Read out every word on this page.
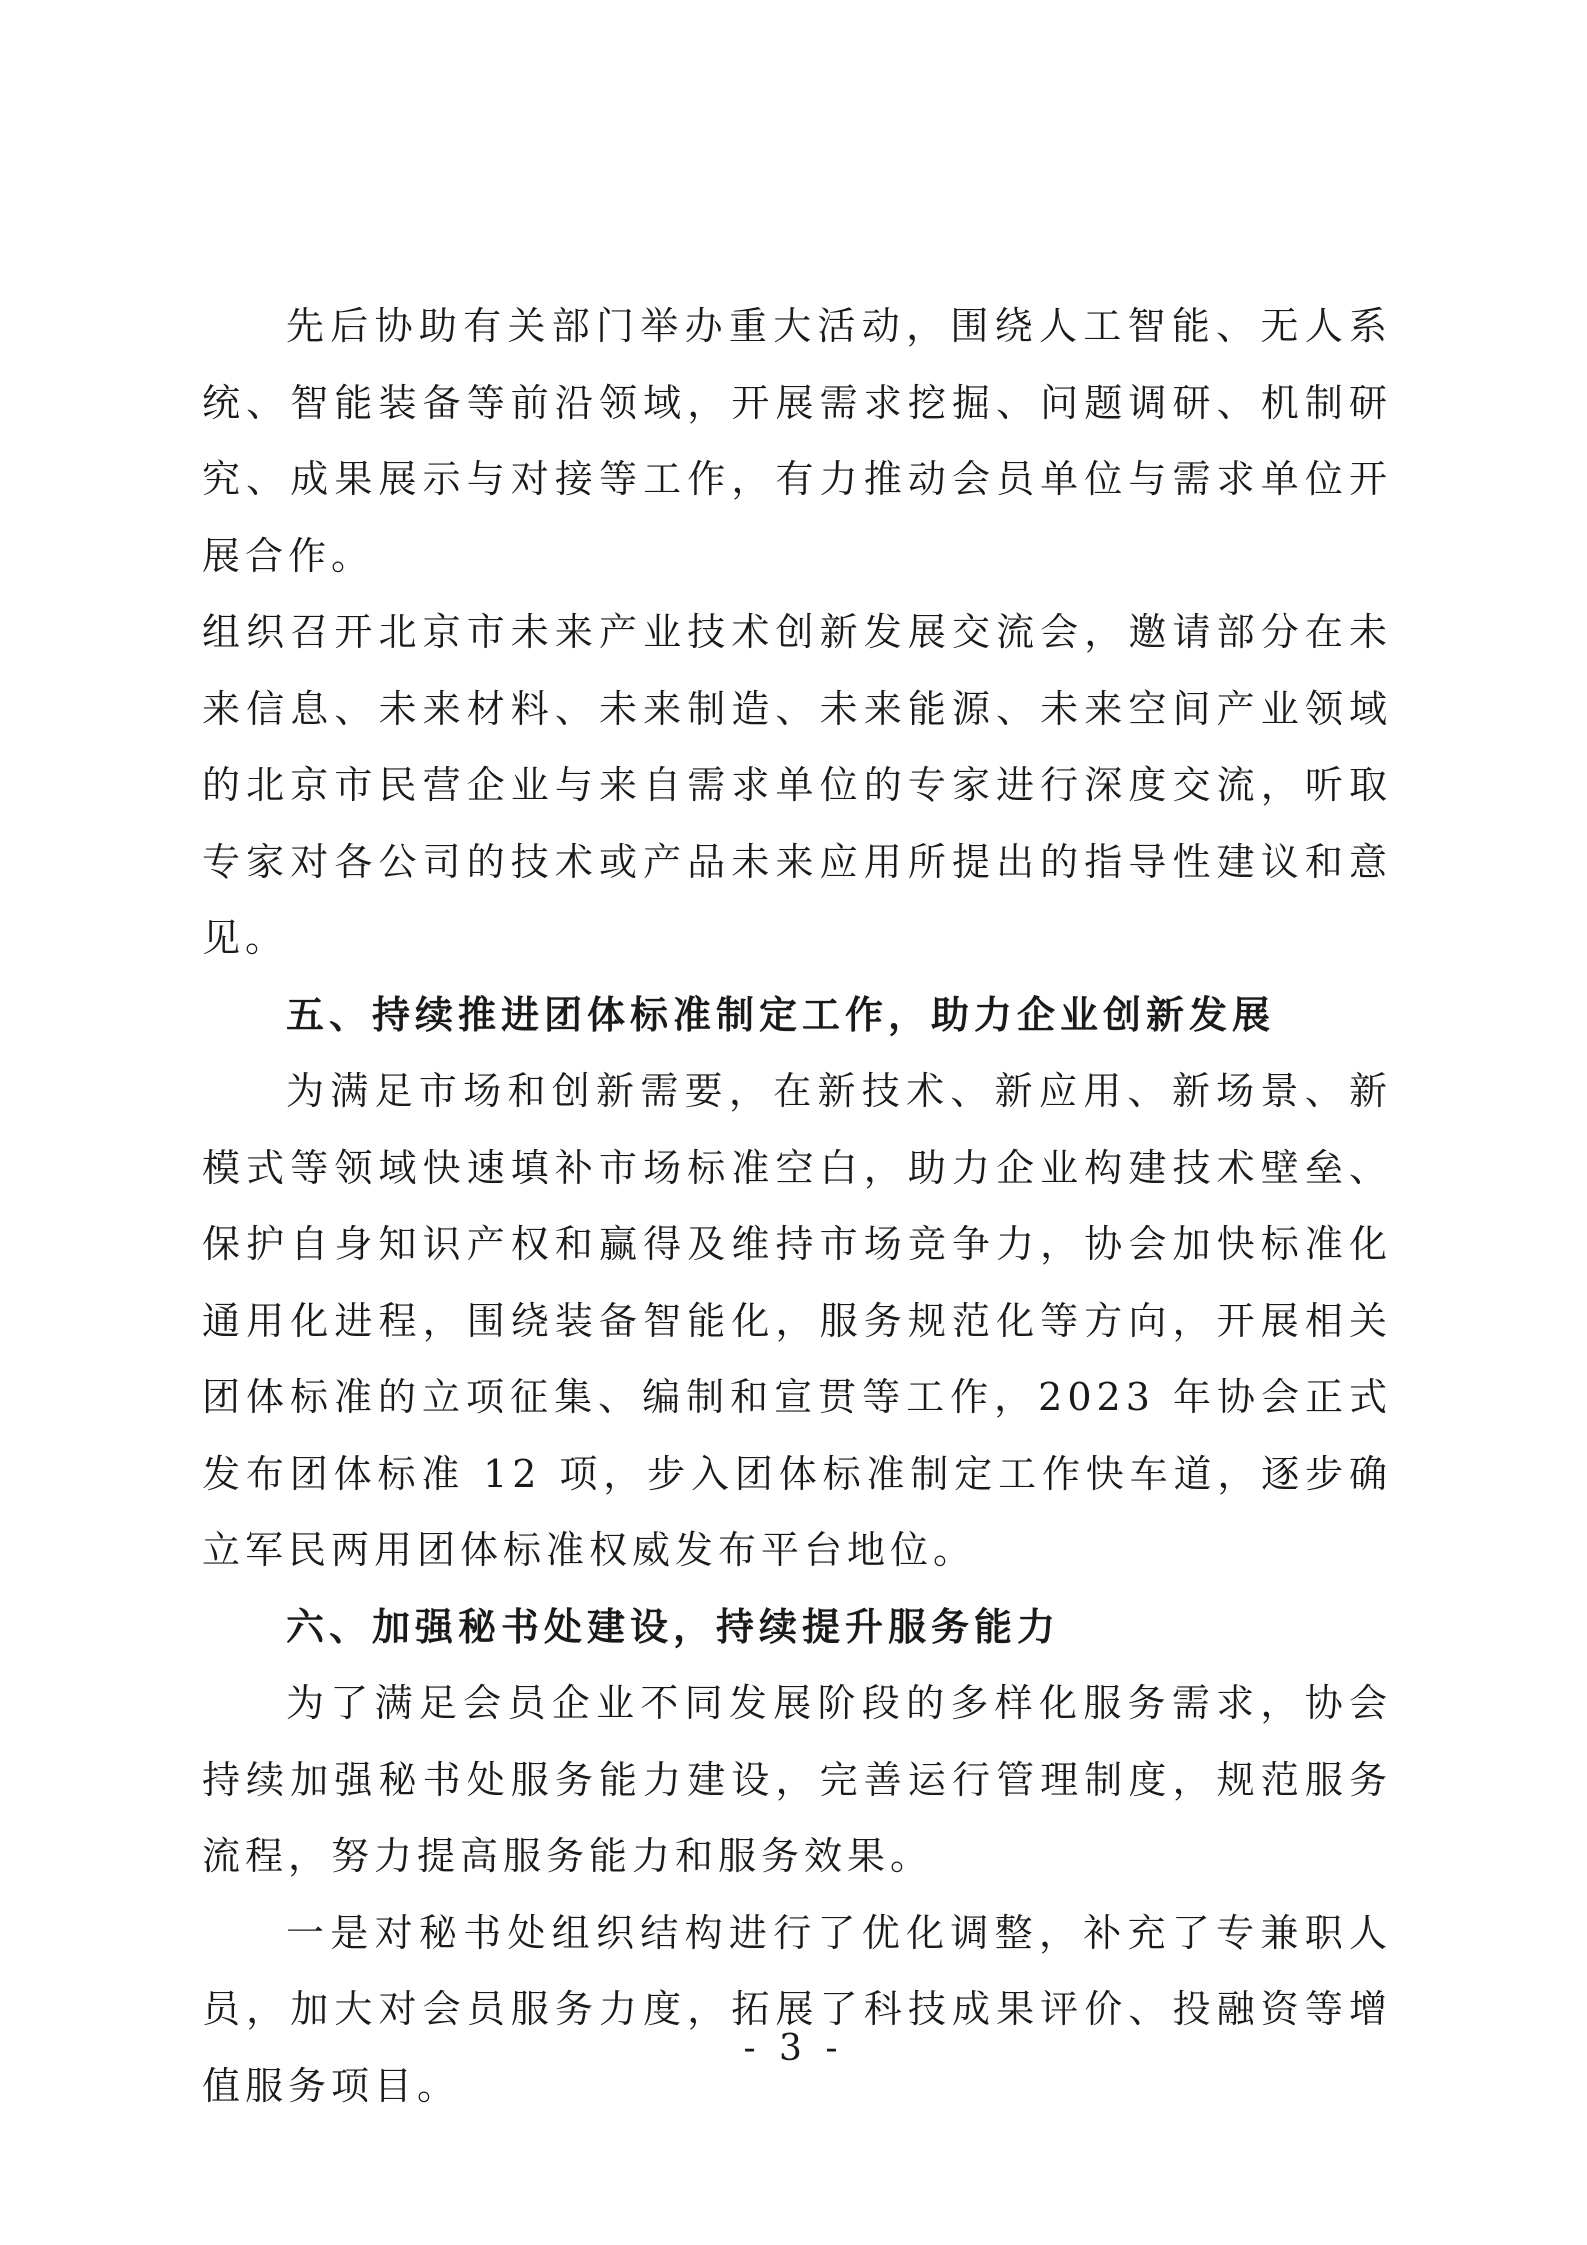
先后协助有关部门举办重大活动，围绕人工智能、无人系统、智能装备等前沿领域，开展需求挖掘、问题调研、机制研究、成果展示与对接等工作，有力推动会员单位与需求单位开展合作。

组织召开北京市未来产业技术创新发展交流会，邀请部分在未来信息、未来材料、未来制造、未来能源、未来空间产业领域的北京市民营企业与来自需求单位的专家进行深度交流，听取专家对各公司的技术或产品未来应用所提出的指导性建议和意见。

五、持续推进团体标准制定工作，助力企业创新发展

为满足市场和创新需要，在新技术、新应用、新场景、新模式等领域快速填补市场标准空白，助力企业构建技术壁垒、保护自身知识产权和赢得及维持市场竞争力，协会加快标准化通用化进程，围绕装备智能化，服务规范化等方向，开展相关团体标准的立项征集、编制和宣贯等工作，2023 年协会正式发布团体标准 12 项，步入团体标准制定工作快车道，逐步确立军民两用团体标准权威发布平台地位。

六、加强秘书处建设，持续提升服务能力

为了满足会员企业不同发展阶段的多样化服务需求，协会持续加强秘书处服务能力建设，完善运行管理制度，规范服务流程，努力提高服务能力和服务效果。

一是对秘书处组织结构进行了优化调整，补充了专兼职人员，加大对会员服务力度，拓展了科技成果评价、投融资等增值服务项目。

- 3 -
